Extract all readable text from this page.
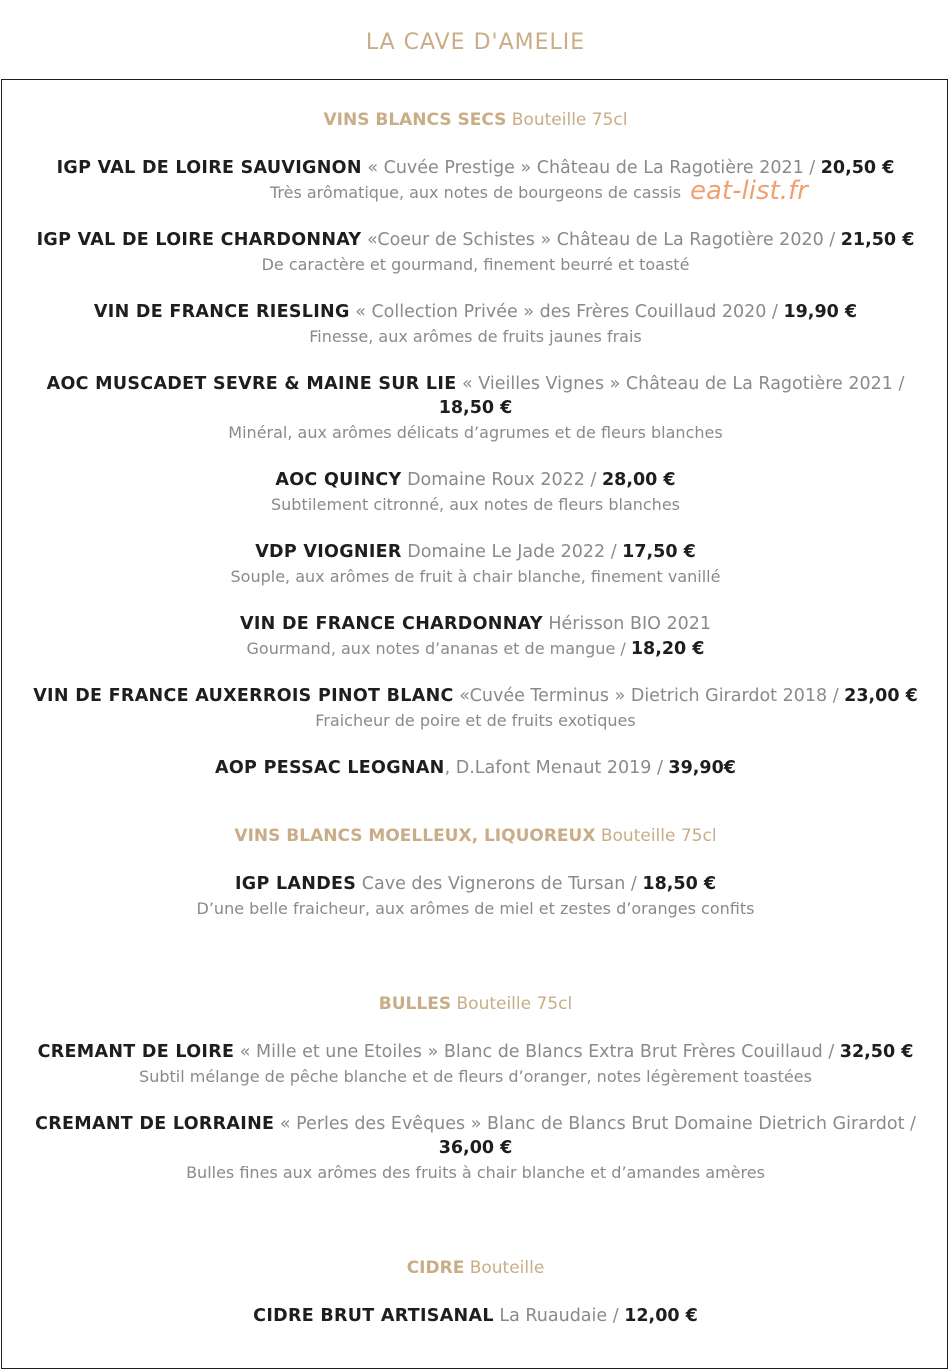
LA CAVE D'AMELIE
eat-list.fr
VINS BLANCS SECS Bouteille 75cl
IGP VAL DE LOIRE SAUVIGNON « Cuvée Prestige » Château de La Ragotière 2021 / 20,50 €
Très arômatique, aux notes de bourgeons de cassis
IGP VAL DE LOIRE CHARDONNAY «Coeur de Schistes » Château de La Ragotière 2020 / 21,50 €
De caractère et gourmand, finement beurré et toasté
VIN DE FRANCE RIESLING « Collection Privée » des Frères Couillaud 2020 / 19,90 €
Finesse, aux arômes de fruits jaunes frais
AOC MUSCADET SEVRE & MAINE SUR LIE « Vieilles Vignes » Château de La Ragotière 2021 / 18,50 €
Minéral, aux arômes délicats d’agrumes et de fleurs blanches
AOC QUINCY Domaine Roux 2022 / 28,00 €
Subtilement citronné, aux notes de fleurs blanches
VDP VIOGNIER Domaine Le Jade 2022 / 17,50 €
Souple, aux arômes de fruit à chair blanche, finement vanillé
VIN DE FRANCE CHARDONNAY Hérisson BIO 2021
Gourmand, aux notes d’ananas et de mangue / 18,20 €
VIN DE FRANCE AUXERROIS PINOT BLANC «Cuvée Terminus » Dietrich Girardot 2018 / 23,00 €
Fraicheur de poire et de fruits exotiques
AOP PESSAC LEOGNAN, D.Lafont Menaut 2019 / 39,90€
VINS BLANCS MOELLEUX, LIQUOREUX Bouteille 75cl
IGP LANDES Cave des Vignerons de Tursan / 18,50 €
D’une belle fraicheur, aux arômes de miel et zestes d’oranges confits
BULLES Bouteille 75cl
CREMANT DE LOIRE « Mille et une Etoiles » Blanc de Blancs Extra Brut Frères Couillaud / 32,50 €
Subtil mélange de pêche blanche et de fleurs d’oranger, notes légèrement toastées
CREMANT DE LORRAINE « Perles des Evêques » Blanc de Blancs Brut Domaine Dietrich Girardot / 36,00 €
Bulles fines aux arômes des fruits à chair blanche et d’amandes amères
CIDRE Bouteille
CIDRE BRUT ARTISANAL La Ruaudaie / 12,00 €
